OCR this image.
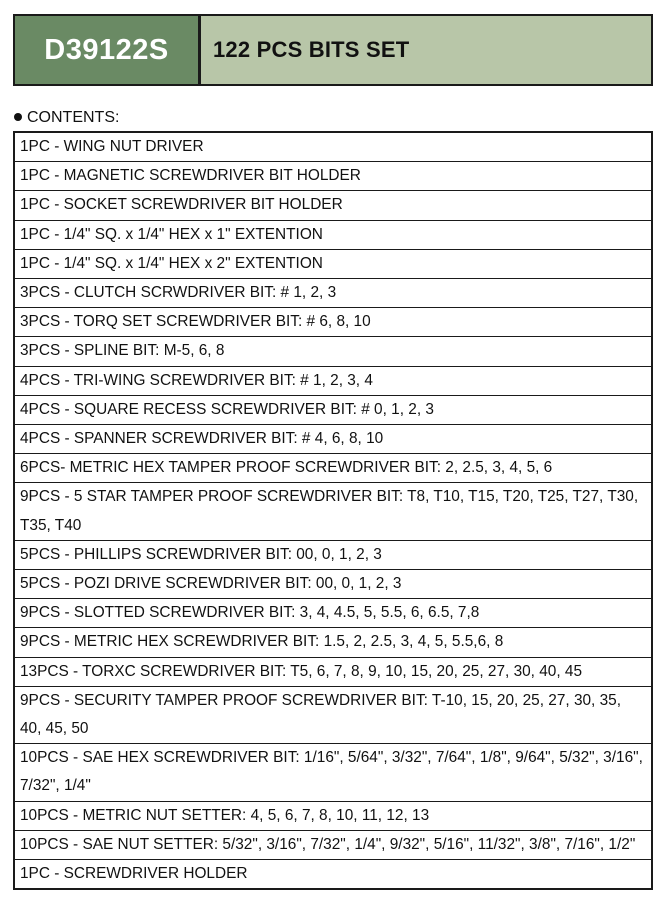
D39122S 122 PCS BITS SET
CONTENTS:
1PC - WING NUT DRIVER
1PC - MAGNETIC SCREWDRIVER BIT HOLDER
1PC - SOCKET SCREWDRIVER BIT HOLDER
1PC - 1/4" SQ. x 1/4" HEX x 1" EXTENTION
1PC - 1/4" SQ. x 1/4" HEX x 2" EXTENTION
3PCS - CLUTCH SCRWDRIVER BIT: # 1, 2, 3
3PCS - TORQ SET SCREWDRIVER BIT: # 6, 8, 10
3PCS - SPLINE BIT: M-5, 6, 8
4PCS - TRI-WING SCREWDRIVER BIT: # 1, 2, 3, 4
4PCS - SQUARE RECESS SCREWDRIVER BIT: # 0, 1, 2, 3
4PCS - SPANNER SCREWDRIVER BIT: # 4, 6, 8, 10
6PCS- METRIC HEX TAMPER PROOF SCREWDRIVER BIT: 2, 2.5, 3, 4, 5, 6
9PCS - 5 STAR TAMPER PROOF SCREWDRIVER BIT: T8, T10, T15, T20, T25, T27, T30, T35, T40
5PCS - PHILLIPS SCREWDRIVER BIT: 00, 0, 1, 2, 3
5PCS - POZI DRIVE SCREWDRIVER BIT: 00, 0, 1, 2, 3
9PCS - SLOTTED SCREWDRIVER BIT: 3, 4, 4.5, 5, 5.5, 6, 6.5, 7,8
9PCS - METRIC HEX SCREWDRIVER BIT: 1.5, 2, 2.5, 3, 4, 5, 5.5,6, 8
13PCS - TORXC SCREWDRIVER BIT: T5, 6, 7, 8, 9, 10, 15, 20, 25, 27, 30, 40, 45
9PCS - SECURITY TAMPER PROOF SCREWDRIVER BIT: T-10, 15, 20, 25, 27, 30, 35, 40, 45, 50
10PCS - SAE HEX SCREWDRIVER BIT: 1/16", 5/64", 3/32", 7/64", 1/8", 9/64", 5/32", 3/16", 7/32", 1/4"
10PCS - METRIC NUT SETTER: 4, 5, 6, 7, 8, 10, 11, 12, 13
10PCS - SAE NUT SETTER: 5/32", 3/16", 7/32", 1/4", 9/32", 5/16", 11/32", 3/8", 7/16", 1/2"
1PC - SCREWDRIVER HOLDER
